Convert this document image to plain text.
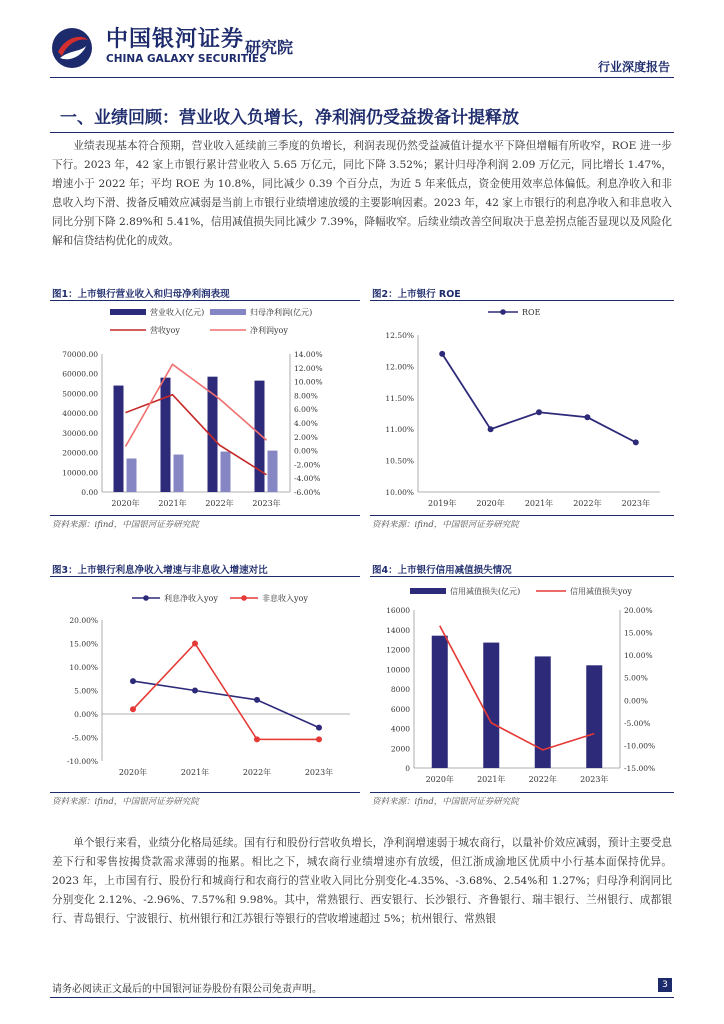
中国银河证券
CHINA GALAXY SECURITIES
研究院
行业深度报告
一、业绩回顾：营业收入负增长，净利润仍受益拨备计提释放
业绩表现基本符合预期，营业收入延续前三季度的负增长，利润表现仍然受益减值计提水平下降但增幅有所收窄，ROE 进一步下行。2023 年，42 家上市银行累计营业收入 5.65 万亿元，同比下降 3.52%；累计归母净利润 2.09 万亿元，同比增长 1.47%，增速小于 2022 年；平均 ROE 为 10.8%，同比减少 0.39 个百分点，为近 5 年来低点，资金使用效率总体偏低。利息净收入和非息收入均下滑、拨备反哺效应减弱是当前上市银行业绩增速放缓的主要影响因素。2023 年，42 家上市银行的利息净收入和非息收入同比分别下降 2.89%和 5.41%，信用减值损失同比减少 7.39%，降幅收窄。后续业绩改善空间取决于息差拐点能否显现以及风险化解和信贷结构优化的成效。
图1：上市银行营业收入和归母净利润表现	图2：上市银行 ROE
营业收入(亿元)	归母净利润(亿元)
营收yoy	净利润yoy
70000.00
60000.00
50000.00
40000.00
30000.00
20000.00
10000.00
0.00
14.00%
12.00%
10.00%
8.00%
6.00%
4.00%
2.00%
0.00%
-2.00%
-4.00%
-6.00%
2020年 2021年 2022年 2023年
ROE
12.50%
12.00%
11.50%
11.00%
10.50%
10.00%
2019年	2020年	2021年	2022年	2023年
资料来源：ifind，中国银河证券研究院	资料来源：ifind，中国银河证券研究院
图3：上市银行利息净收入增速与非息收入增速对比	图4：上市银行信用减值损失情况
利息净收入yoy	非息收入yoy
20.00%
15.00%
10.00%
5.00%
0.00%
-5.00%
-10.00%
2020年	2021年	2022年	2023年
信用减值损失(亿元)	信用减值损失yoy
16000
14000
12000
10000
8000
6000
4000
2000
0
20.00%
15.00%
10.00%
5.00%
0.00%
-5.00%
-10.00%
-15.00%
2020年	2021年	2022年	2023年
资料来源：ifind，中国银河证券研究院	资料来源：ifind，中国银河证券研究院
单个银行来看，业绩分化格局延续。国有行和股份行营收负增长，净利润增速弱于城农商行，以量补价效应减弱，预计主要受息差下行和零售按揭贷款需求薄弱的拖累。相比之下，城农商行业绩增速亦有放缓，但江浙成渝地区优质中小行基本面保持优异。2023 年，上市国有行、股份行和城商行和农商行的营业收入同比分别变化-4.35%、-3.68%、2.54%和 1.27%；归母净利润同比分别变化 2.12%、-2.96%、7.57%和 9.98%。其中，常熟银行、西安银行、长沙银行、齐鲁银行、瑞丰银行、兰州银行、成都银行、青岛银行、宁波银行、杭州银行和江苏银行等银行的营收增速超过 5%；杭州银行、常熟银
请务必阅读正文最后的中国银河证券股份有限公司免责声明。	3
